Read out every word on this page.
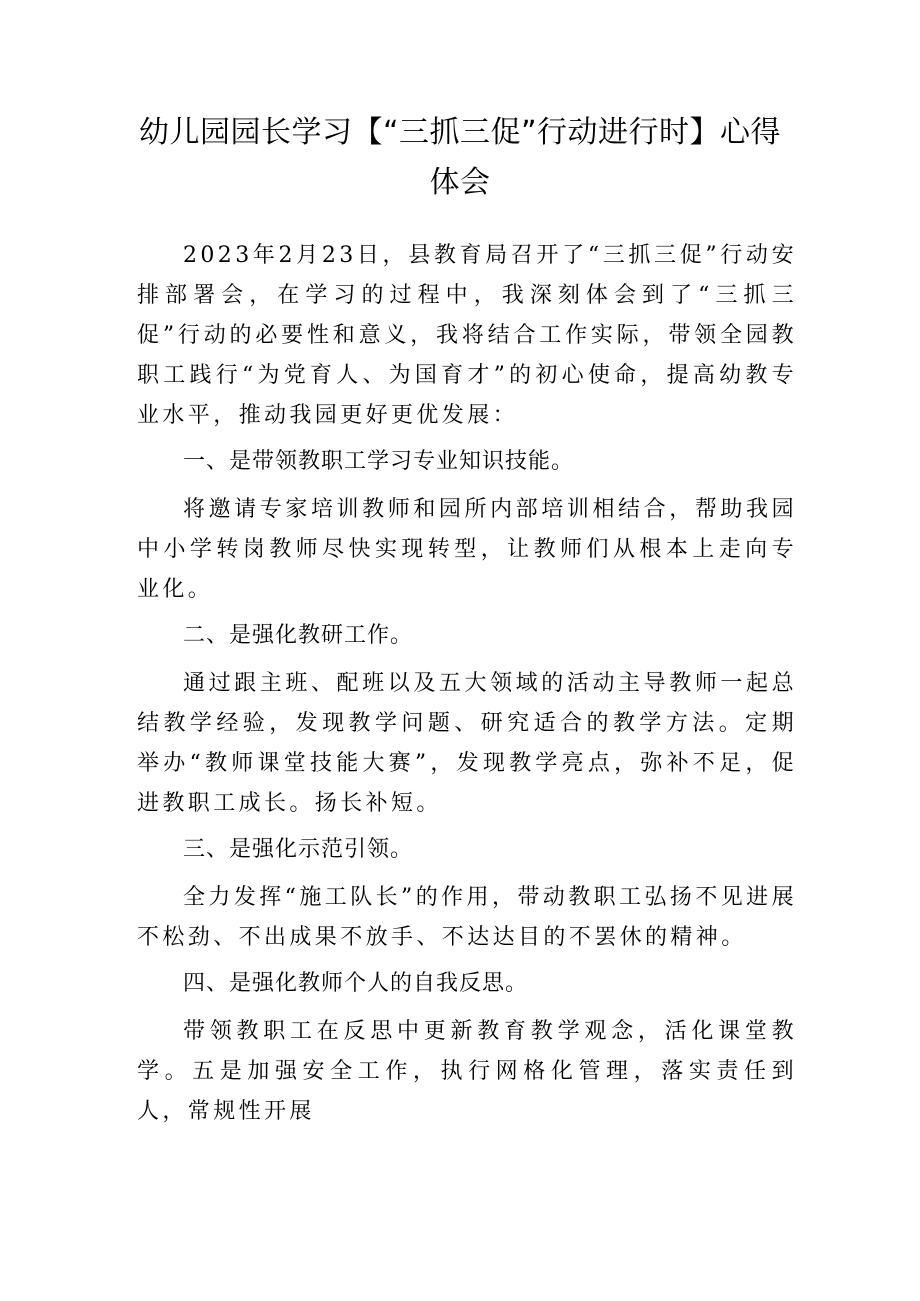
幼儿园园长学习【“三抓三促”行动进行时】心得体会

2023年2月23日，县教育局召开了“三抓三促”行动安排部署会，在学习的过程中，我深刻体会到了“三抓三促”行动的必要性和意义，我将结合工作实际，带领全园教职工践行“为党育人、为国育才”的初心使命，提高幼教专业水平，推动我园更好更优发展：

一、是带领教职工学习专业知识技能。

将邀请专家培训教师和园所内部培训相结合，帮助我园中小学转岗教师尽快实现转型，让教师们从根本上走向专业化。

二、是强化教研工作。

通过跟主班、配班以及五大领域的活动主导教师一起总结教学经验，发现教学问题、研究适合的教学方法。定期举办“教师课堂技能大赛”，发现教学亮点，弥补不足，促进教职工成长。扬长补短。

三、是强化示范引领。

全力发挥“施工队长”的作用，带动教职工弘扬不见进展不松劲、不出成果不放手、不达达目的不罢休的精神。

四、是强化教师个人的自我反思。

带领教职工在反思中更新教育教学观念，活化课堂教学。五是加强安全工作，执行网格化管理，落实责任到人，常规性开展
